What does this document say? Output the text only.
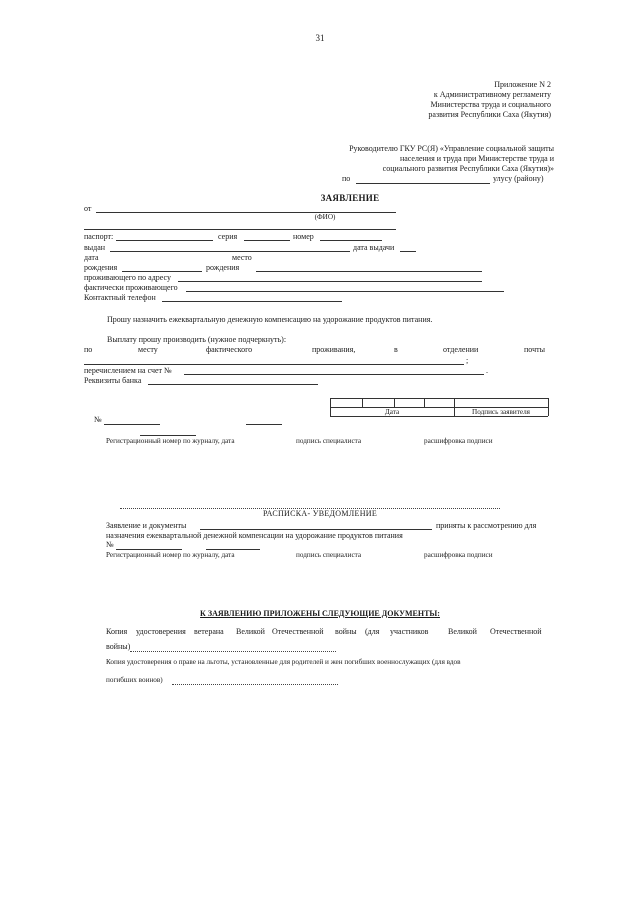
31
Приложение N 2
к Административному регламенту
Министерства труда и социального
развития Республики Саха (Якутия)
Руководителю ГКУ РС(Я) «Управление социальной защиты
населения и труда при Министерстве труда и
социального развития Республики Саха (Якутия)»
по	улусу (району)
ЗАЯВЛЕНИЕ
от
(ФИО)
паспорт:	серия	номер
выдан	дата выдачи
дата	место
рождения	рождения
проживающего по адресу
фактически проживающего
Контактный телефон
Прошу назначить ежеквартальную денежную компенсацию на удорожание продуктов питания.
Выплату прошу производить (нужное подчеркнуть):
по	месту	фактического	проживания,	в	отделении	почты
;
перечислением на счет №	.
Реквизиты банка
Дата	Подпись заявителя
№
Регистрационный номер по журналу, дата	подпись специалиста	расшифровка подписи
РАСПИСКА- УВЕДОМЛЕНИЕ
Заявление и документы	приняты к рассмотрению для
назначения ежеквартальной денежной компенсации на удорожание продуктов питания
№
Регистрационный номер по журналу, дата	подпись специалиста	расшифровка подписи
К ЗАЯВЛЕНИЮ ПРИЛОЖЕНЫ СЛЕДУЮЩИЕ ДОКУМЕНТЫ:
Копия удостоверения ветерана Великой Отечественной войны (для участников Великой Отечественной
войны)
Копия удостоверения о праве на льготы, установленные для родителей и жен погибших военнослужащих (для вдов
погибших воинов)
